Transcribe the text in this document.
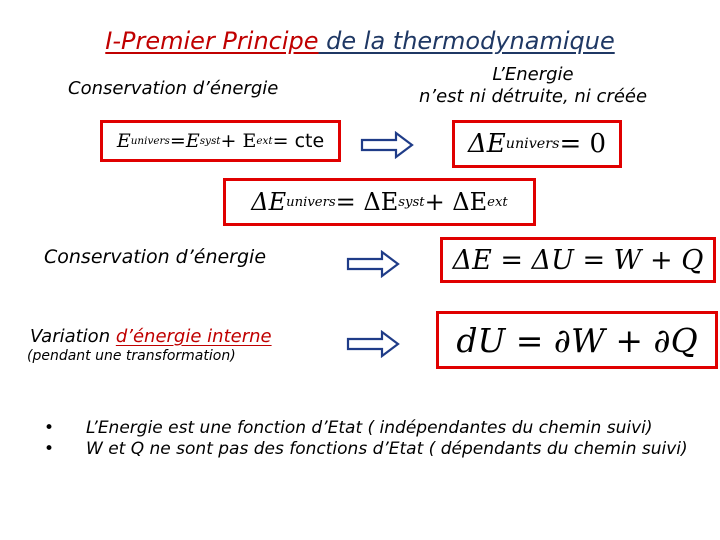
I-Premier Principe de la thermodynamique
Conservation d’énergie
L’Energie
n’est ni détruite, ni créée
E univers = E syst + E ext = cte	ΔE univers = 0
ΔE univers = ΔE syst + ΔE ext
Conservation d’énergie	ΔE = ΔU = W + Q
Variation d’énergie interne
(pendant une transformation)	dU = ∂W + ∂Q
• L’Energie est une fonction d’Etat ( indépendantes du chemin suivi)
• W et Q ne sont pas des fonctions d’Etat ( dépendants du chemin suivi)
